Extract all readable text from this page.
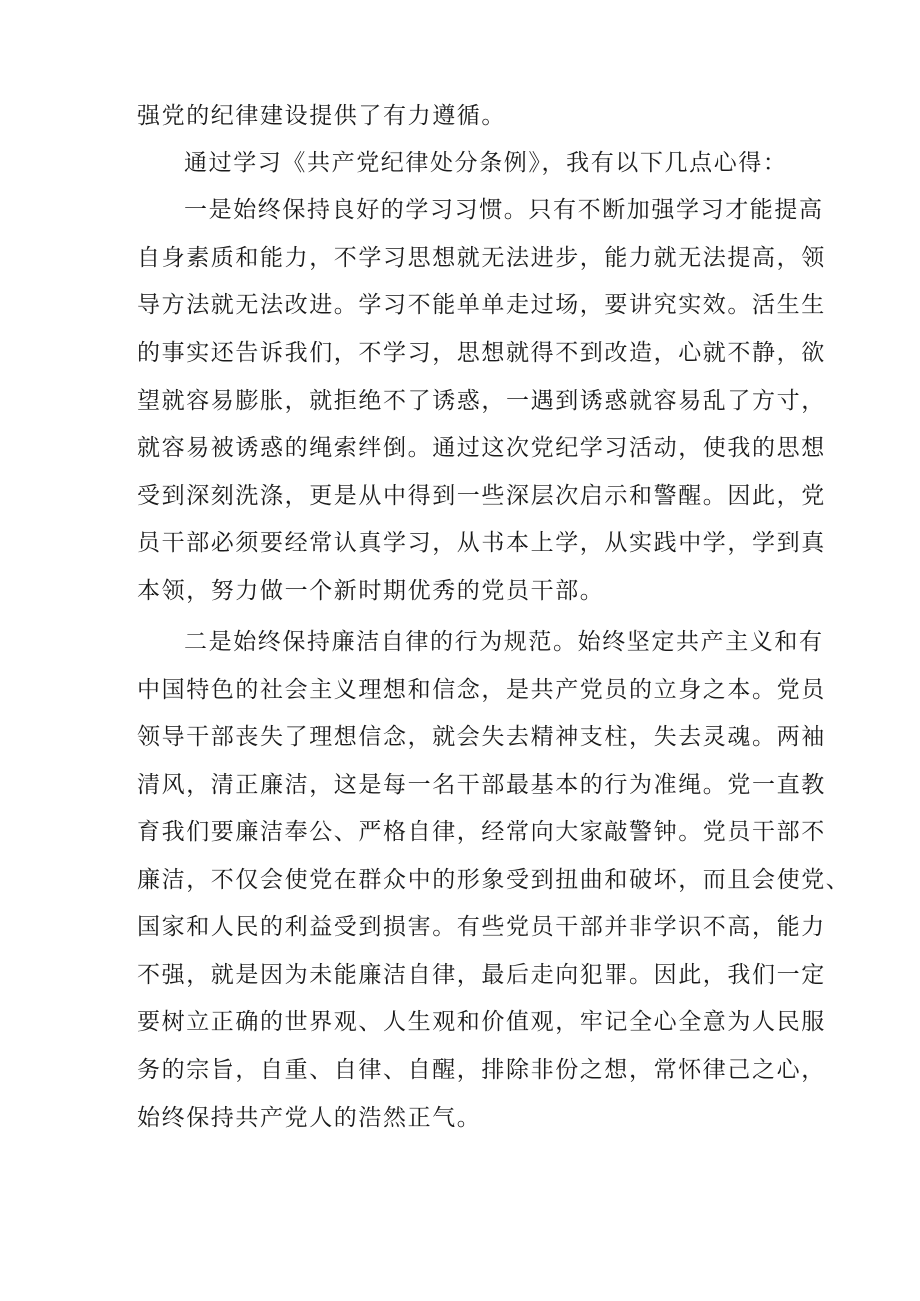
强党的纪律建设提供了有力遵循。
通过学习《共产党纪律处分条例》，我有以下几点心得：
一是始终保持良好的学习习惯。只有不断加强学习才能提高
自身素质和能力，不学习思想就无法进步，能力就无法提高，领
导方法就无法改进。学习不能单单走过场，要讲究实效。活生生
的事实还告诉我们，不学习，思想就得不到改造，心就不静，欲
望就容易膨胀，就拒绝不了诱惑，一遇到诱惑就容易乱了方寸，
就容易被诱惑的绳索绊倒。通过这次党纪学习活动，使我的思想
受到深刻洗涤，更是从中得到一些深层次启示和警醒。因此，党
员干部必须要经常认真学习，从书本上学，从实践中学，学到真
本领，努力做一个新时期优秀的党员干部。
二是始终保持廉洁自律的行为规范。始终坚定共产主义和有
中国特色的社会主义理想和信念，是共产党员的立身之本。党员
领导干部丧失了理想信念，就会失去精神支柱，失去灵魂。两袖
清风，清正廉洁，这是每一名干部最基本的行为准绳。党一直教
育我们要廉洁奉公、严格自律，经常向大家敲警钟。党员干部不
廉洁，不仅会使党在群众中的形象受到扭曲和破坏，而且会使党、
国家和人民的利益受到损害。有些党员干部并非学识不高，能力
不强，就是因为未能廉洁自律，最后走向犯罪。因此，我们一定
要树立正确的世界观、人生观和价值观，牢记全心全意为人民服
务的宗旨，自重、自律、自醒，排除非份之想，常怀律己之心，
始终保持共产党人的浩然正气。
